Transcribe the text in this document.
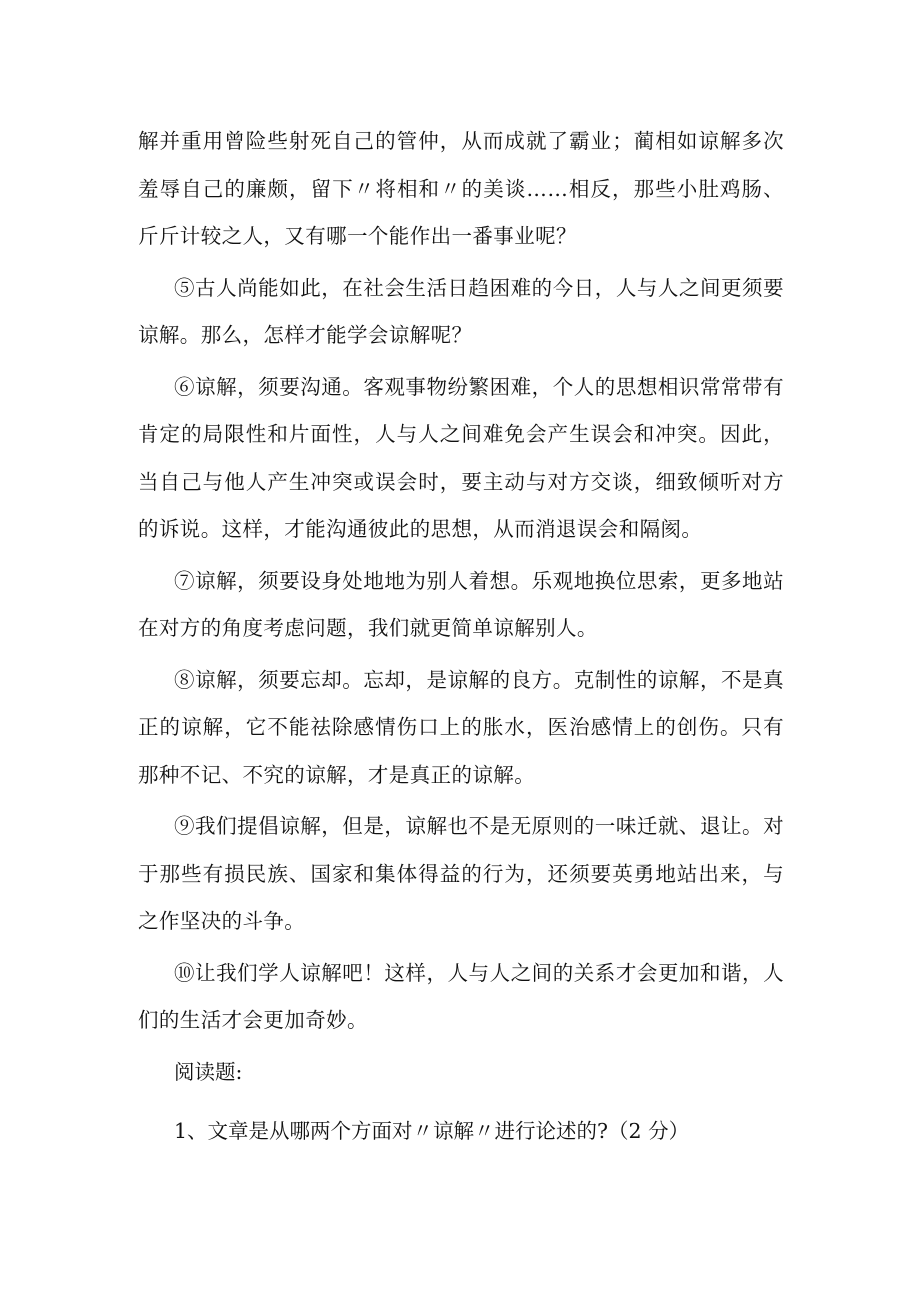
解并重用曾险些射死自己的管仲，从而成就了霸业；蔺相如谅解多次羞辱自己的廉颇，留下〃将相和〃的美谈……相反，那些小肚鸡肠、斤斤计较之人，又有哪一个能作出一番事业呢？

⑤古人尚能如此，在社会生活日趋困难的今日，人与人之间更须要谅解。那么，怎样才能学会谅解呢？

⑥谅解，须要沟通。客观事物纷繁困难，个人的思想相识常常带有肯定的局限性和片面性，人与人之间难免会产生误会和冲突。因此，当自己与他人产生冲突或误会时，要主动与对方交谈，细致倾听对方的诉说。这样，才能沟通彼此的思想，从而消退误会和隔阂。

⑦谅解，须要设身处地地为别人着想。乐观地换位思索，更多地站在对方的角度考虑问题，我们就更简单谅解别人。

⑧谅解，须要忘却。忘却，是谅解的良方。克制性的谅解，不是真正的谅解，它不能祛除感情伤口上的胀水，医治感情上的创伤。只有那种不记、不究的谅解，才是真正的谅解。

⑨我们提倡谅解，但是，谅解也不是无原则的一味迁就、退让。对于那些有损民族、国家和集体得益的行为，还须要英勇地站出来，与之作坚决的斗争。

⑩让我们学人谅解吧！这样，人与人之间的关系才会更加和谐，人们的生活才会更加奇妙。

阅读题:

1、文章是从哪两个方面对〃谅解〃进行论述的?（2 分）
